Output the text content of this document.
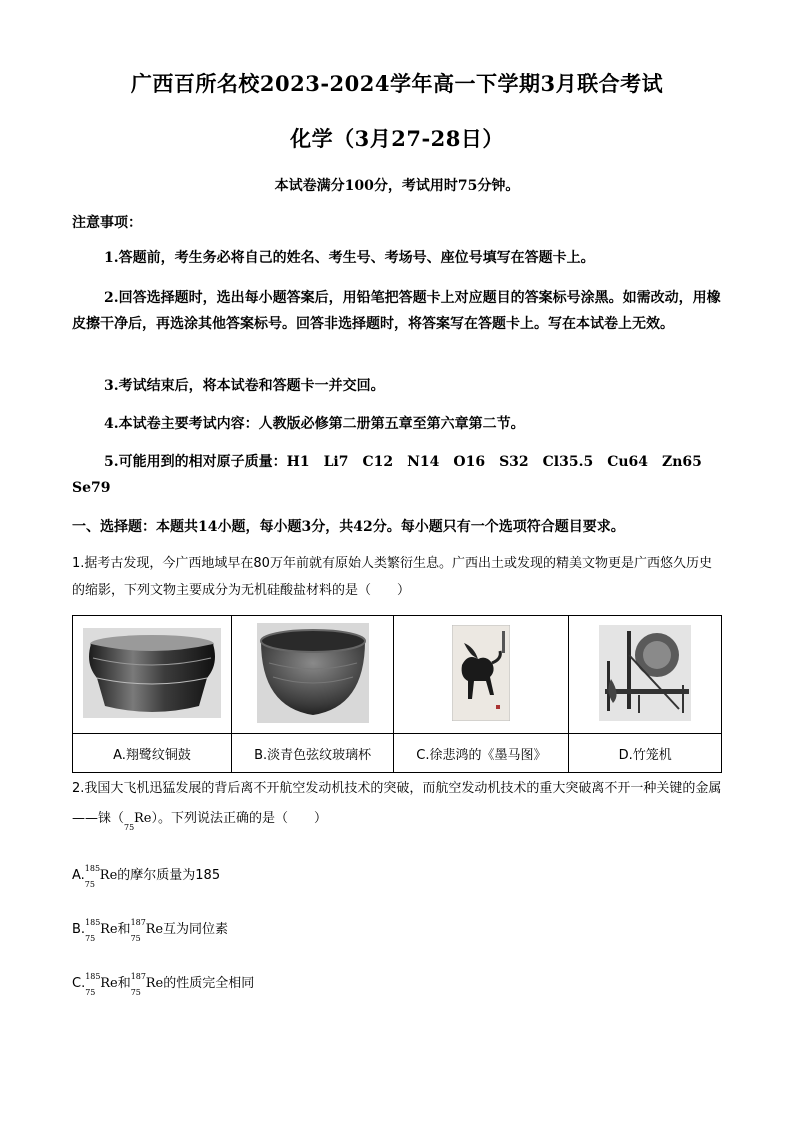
广西百所名校2023-2024学年高一下学期3月联合考试
化学（3月27-28日）
本试卷满分100分，考试用时75分钟。
注意事项：
1.答题前，考生务必将自己的姓名、考生号、考场号、座位号填写在答题卡上。
2.回答选择题时，选出每小题答案后，用铅笔把答题卡上对应题目的答案标号涂黑。如需改动，用橡皮擦干净后，再选涂其他答案标号。回答非选择题时，将答案写在答题卡上。写在本试卷上无效。
3.考试结束后，将本试卷和答题卡一并交回。
4.本试卷主要考试内容：人教版必修第二册第五章至第六章第二节。
5.可能用到的相对原子质量：H1　Li7　C12　N14　O16　S32　Cl35.5　Cu64　Zn65　Se79
一、选择题：本题共14小题，每小题3分，共42分。每小题只有一个选项符合题目要求。
1.据考古发现，今广西地域早在80万年前就有原始人类繁衍生息。广西出土或发现的精美文物更是广西悠久历史的缩影，下列文物主要成分为无机硅酸盐材料的是（　　）

A.翔鹭纹铜鼓	B.淡青色弦纹玻璃杯	C.徐悲鸿的《墨马图》	D.竹笼机
2.我国大飞机迅猛发展的背后离不开航空发动机技术的突破，而航空发动机技术的重大突破离不开一种关键的金属——铼（
75
Re）。下列说法正确的是（　　）
A. 185
75
Re的摩尔质量为185
B. 185
75
Re和 187
75
Re互为同位素
C. 185
75
Re和 187
75
Re的性质完全相同
